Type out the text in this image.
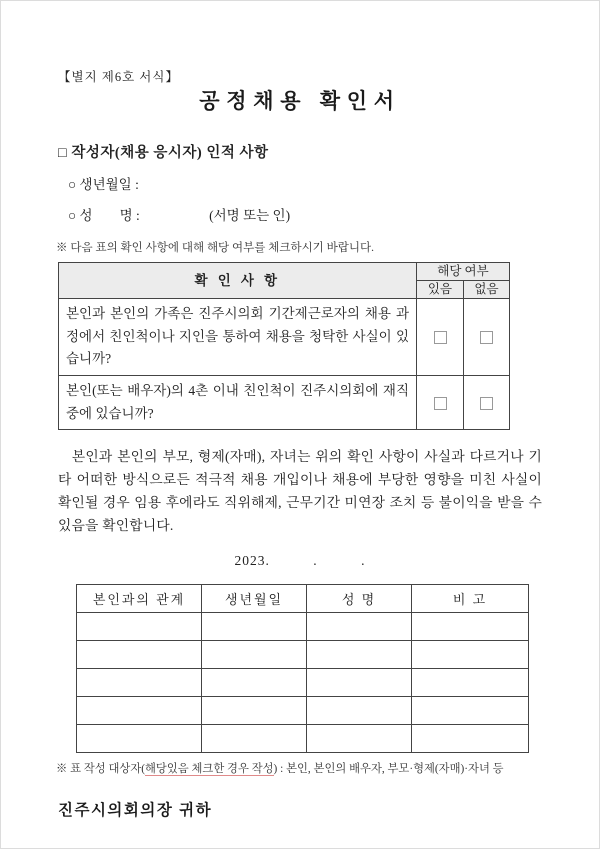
【별지 제6호 서식】
공정채용 확인서
□ 작성자(채용 응시자) 인적 사항
○ 생년월일 :
○ 성　　명 :	(서명 또는 인)
※ 다음 표의 확인 사항에 대해 해당 여부를 체크하시기 바랍니다.
확 인 사 항	해당 여부	
	있음	없음
본인과 본인의 가족은 진주시의회 기간제근로자의 채용 과정에서 친인척이나 지인을 통하여 채용을 청탁한 사실이 있습니까?		
본인(또는 배우자)의 4촌 이내 친인척이 진주시의회에 재직 중에 있습니까?		
본인과 본인의 부모, 형제(자매), 자녀는 위의 확인 사항이 사실과 다르거나 기타 어떠한 방식으로든 적극적 채용 개입이나 채용에 부당한 영향을 미친 사실이 확인될 경우 임용 후에라도 직위해제, 근무기간 미연장 조치 등 불이익을 받을 수 있음을 확인합니다.
2023.　　　.　　　.
본인과의 관계	생년월일	성 명	비 고

※ 표 작성 대상자(해당있음 체크한 경우 작성) : 본인, 본인의 배우자, 부모·형제(자매)·자녀 등
진주시의회의장 귀하
